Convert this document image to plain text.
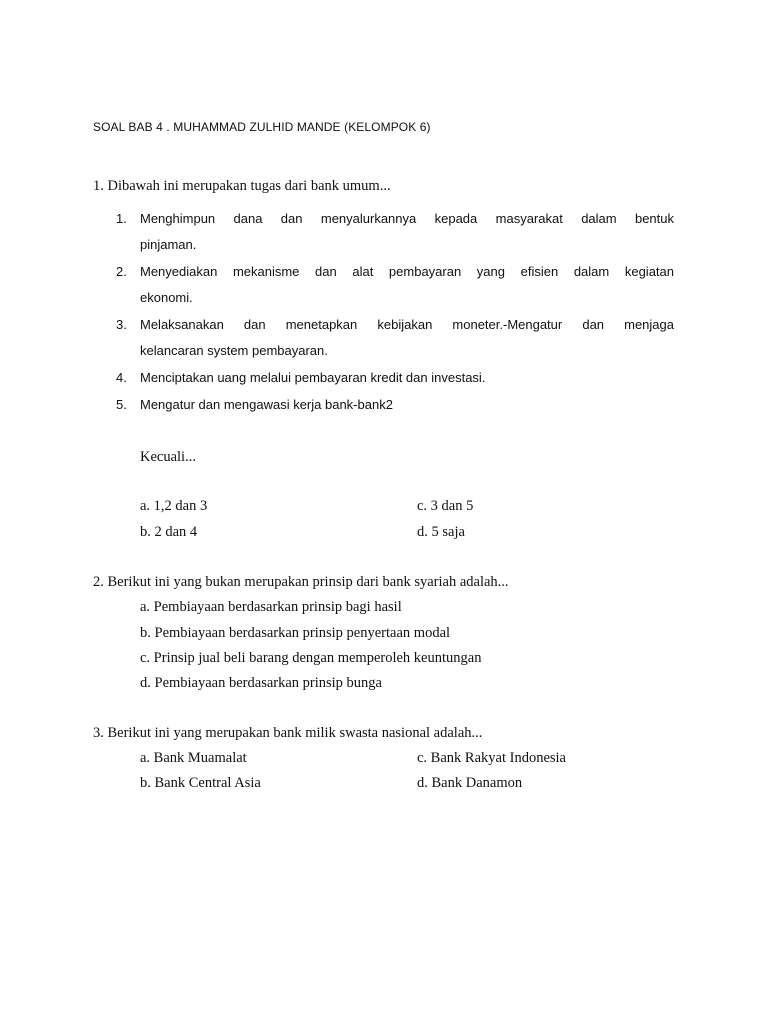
SOAL BAB 4 . MUHAMMAD ZULHID MANDE (KELOMPOK 6)
1. Dibawah ini merupakan tugas dari bank umum...
1. Menghimpun dana dan menyalurkannya kepada masyarakat dalam bentuk
pinjaman.
2. Menyediakan mekanisme dan alat pembayaran yang efisien dalam kegiatan
ekonomi.
3. Melaksanakan dan menetapkan kebijakan moneter.-Mengatur dan menjaga
kelancaran system pembayaran.
4. Menciptakan uang melalui pembayaran kredit dan investasi.
5. Mengatur dan mengawasi kerja bank-bank2
Kecuali...
a. 1,2 dan 3	c. 3 dan 5
b. 2 dan 4	d. 5 saja
2. Berikut ini yang bukan merupakan prinsip dari bank syariah adalah...
a. Pembiayaan berdasarkan prinsip bagi hasil
b. Pembiayaan berdasarkan prinsip penyertaan modal
c. Prinsip jual beli barang dengan memperoleh keuntungan
d. Pembiayaan berdasarkan prinsip bunga
3. Berikut ini yang merupakan bank milik swasta nasional adalah...
a. Bank Muamalat	c. Bank Rakyat Indonesia
b. Bank Central Asia	d. Bank Danamon
